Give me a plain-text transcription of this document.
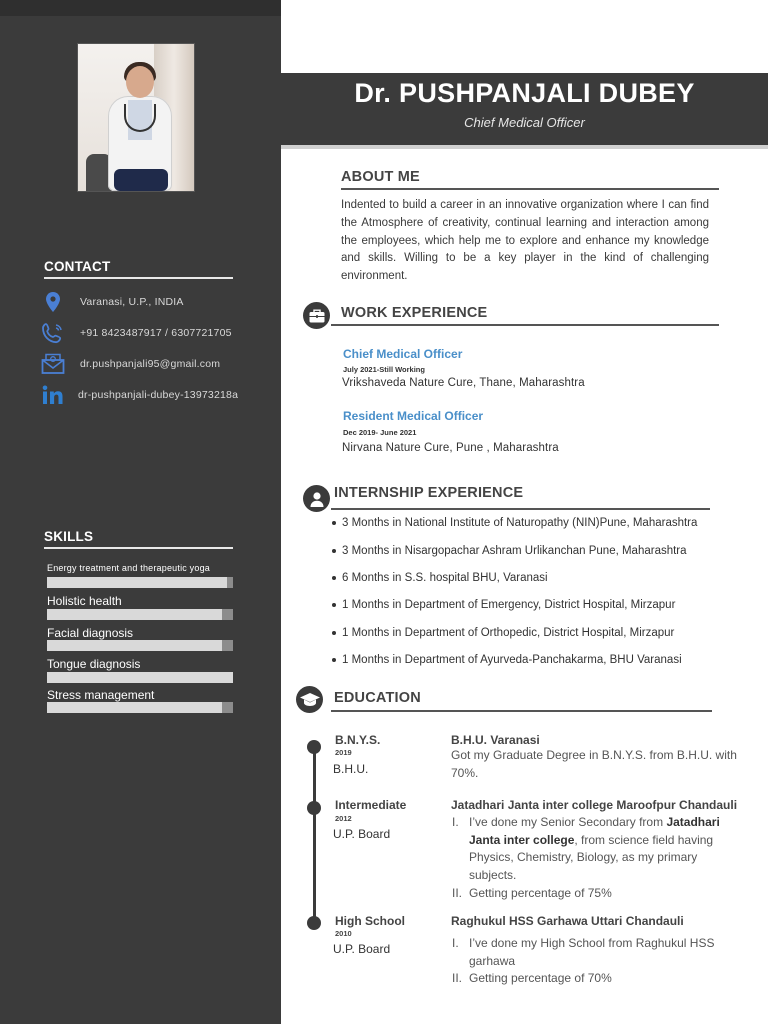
CONTACT
Varanasi, U.P., INDIA
+91 8423487917 / 6307721705
dr.pushpanjali95@gmail.com
dr-pushpanjali-dubey-13973218a
SKILLS
Energy treatment and therapeutic yoga
Holistic health
Facial diagnosis
Tongue diagnosis
Stress management
Dr. PUSHPANJALI DUBEY
Chief Medical Officer
ABOUT ME
Indented to build a career in an innovative organization where I can find the Atmosphere of creativity, continual learning and interaction among the employees, which help me to explore and enhance my knowledge and skills. Willing to be a key player in the kind of challenging environment.
WORK EXPERIENCE
Chief Medical Officer
July 2021-Still Working
Vrikshaveda Nature Cure, Thane, Maharashtra
Resident Medical Officer
Dec 2019- June 2021
Nirvana Nature Cure, Pune , Maharashtra
INTERNSHIP EXPERIENCE
3 Months in National Institute of Naturopathy (NIN)Pune, Maharashtra
3 Months in Nisargopachar Ashram Urlikanchan Pune, Maharashtra
6 Months in S.S. hospital BHU, Varanasi
1 Months in Department of Emergency, District Hospital, Mirzapur
1 Months in Department of Orthopedic, District Hospital, Mirzapur
1 Months in Department of Ayurveda-Panchakarma, BHU Varanasi
EDUCATION
B.N.Y.S.
2019
B.H.U.
B.H.U. Varanasi
Got my Graduate Degree in B.N.Y.S. from B.H.U. with 70%.
Intermediate
2012
U.P. Board
Jatadhari Janta inter college Maroofpur Chandauli
I. I’ve done my Senior Secondary from Jatadhari Janta inter college, from science field having Physics, Chemistry, Biology, as my primary subjects.
II. Getting percentage of 75%
High School
2010
U.P. Board
Raghukul HSS Garhawa Uttari Chandauli
I. I’ve done my High School from Raghukul HSS garhawa
II. Getting percentage of 70%
